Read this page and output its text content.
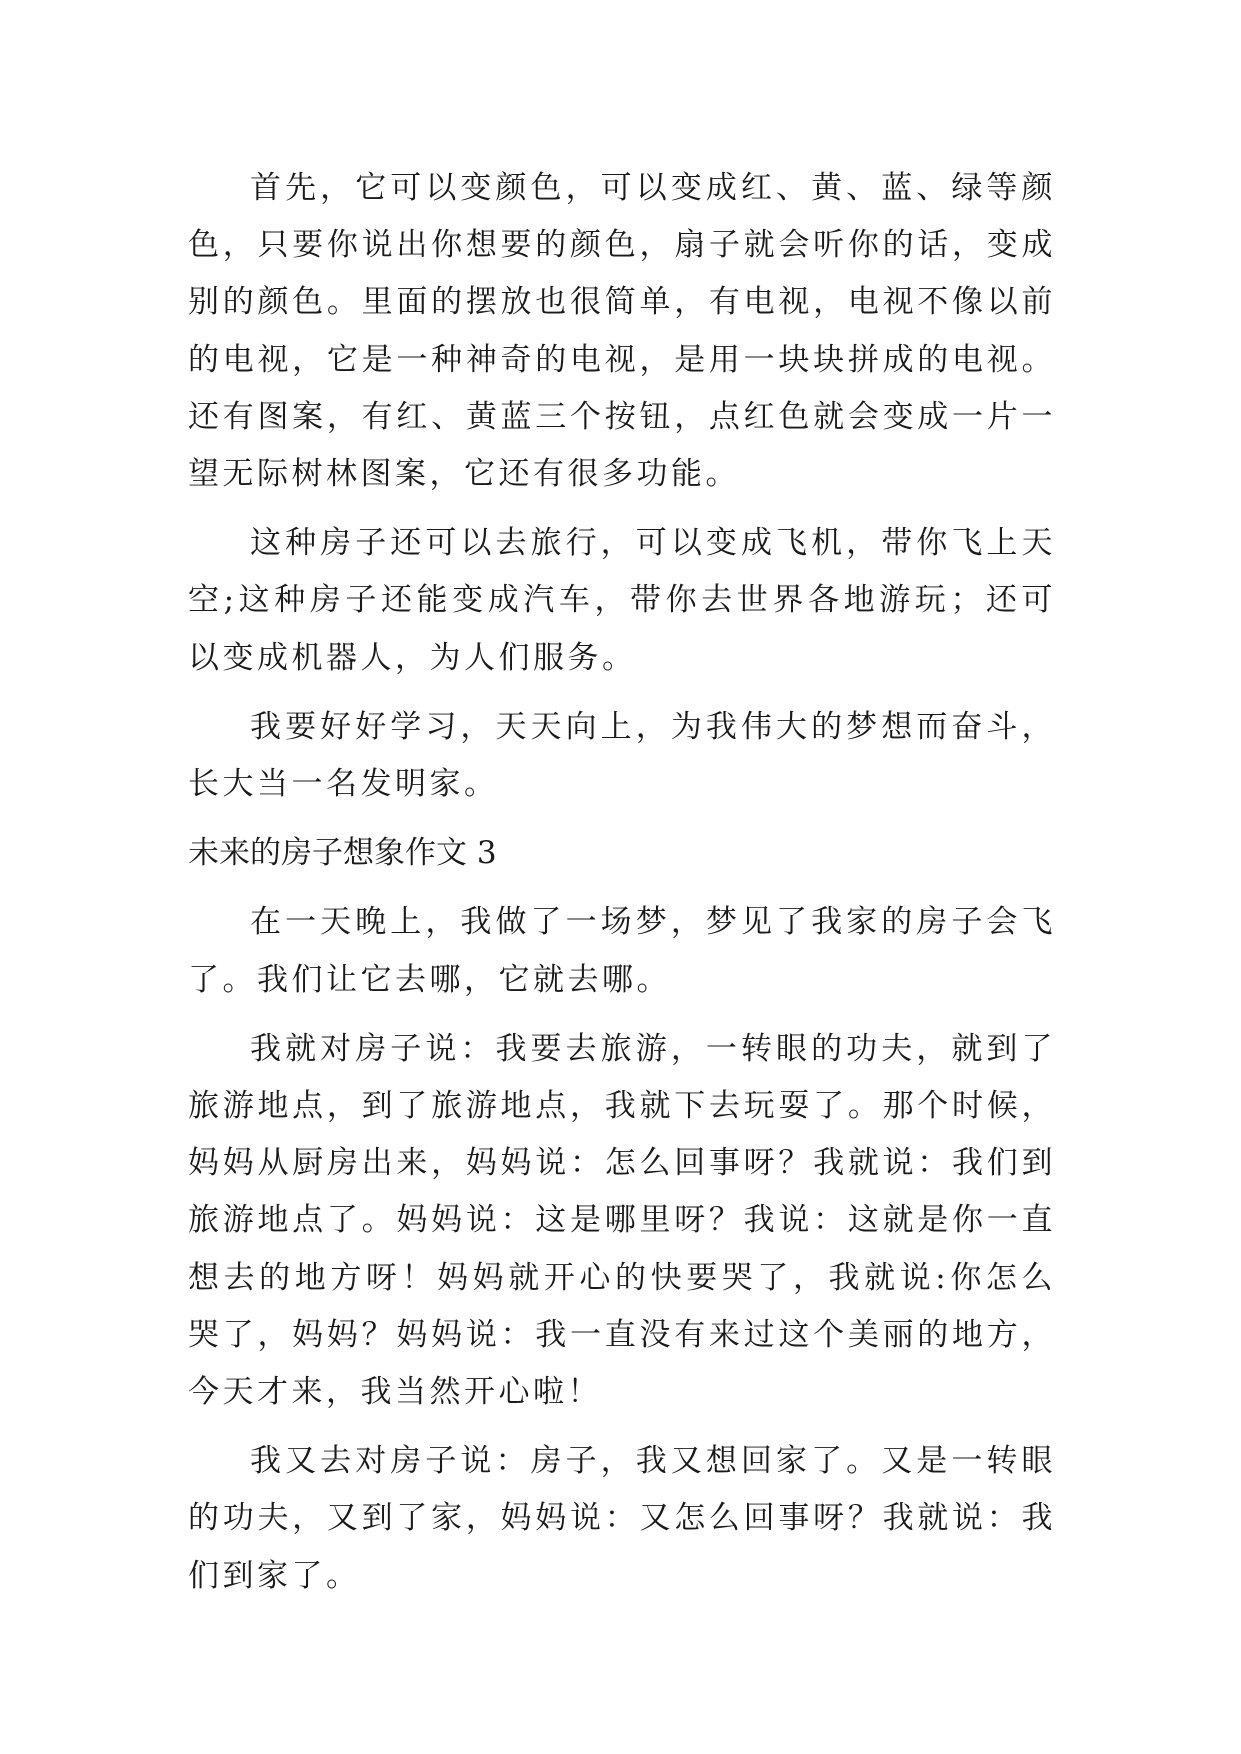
首先，它可以变颜色，可以变成红、黄、蓝、绿等颜色，只要你说出你想要的颜色，扇子就会听你的话，变成别的颜色。里面的摆放也很简单，有电视，电视不像以前的电视，它是一种神奇的电视，是用一块块拼成的电视。还有图案，有红、黄蓝三个按钮，点红色就会变成一片一望无际树林图案，它还有很多功能。

这种房子还可以去旅行，可以变成飞机，带你飞上天空;这种房子还能变成汽车，带你去世界各地游玩；还可以变成机器人，为人们服务。

我要好好学习，天天向上，为我伟大的梦想而奋斗，长大当一名发明家。

未来的房子想象作文 3

在一天晚上，我做了一场梦，梦见了我家的房子会飞了。我们让它去哪，它就去哪。

我就对房子说：我要去旅游，一转眼的功夫，就到了旅游地点，到了旅游地点，我就下去玩耍了。那个时候，妈妈从厨房出来，妈妈说：怎么回事呀？我就说：我们到旅游地点了。妈妈说：这是哪里呀？我说：这就是你一直想去的地方呀！妈妈就开心的快要哭了，我就说:你怎么哭了，妈妈？妈妈说：我一直没有来过这个美丽的地方，今天才来，我当然开心啦！

我又去对房子说：房子，我又想回家了。又是一转眼的功夫，又到了家，妈妈说：又怎么回事呀？我就说：我们到家了。
